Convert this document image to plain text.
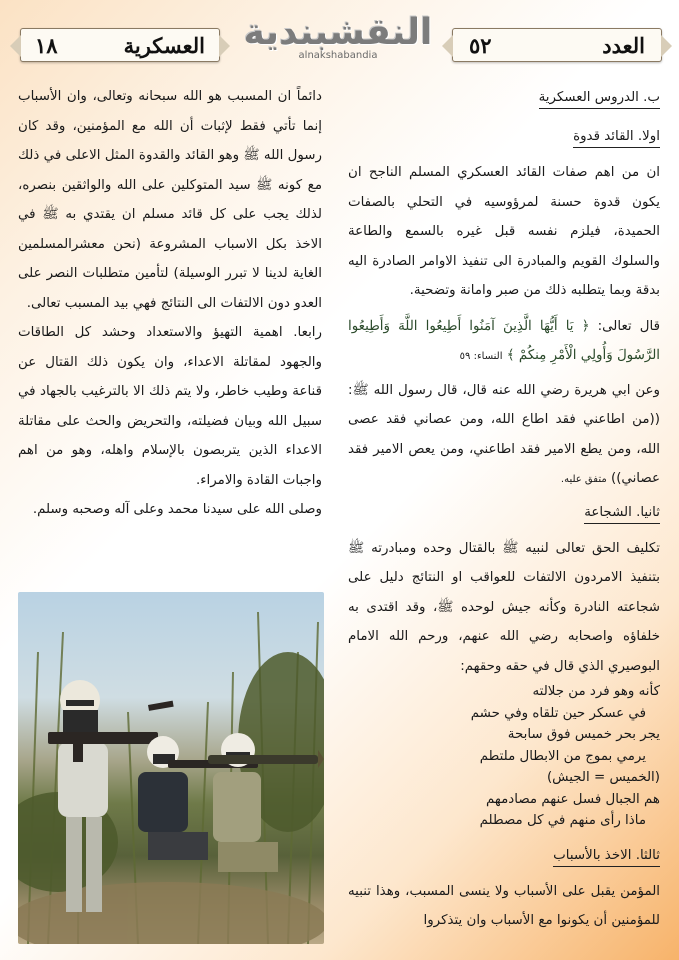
العسكرية
١٨	النقشبندية
alnakshabandia	العدد
٥٢
ب. الدروس العسكرية
اولا. القائد قدوة

ان من اهم صفات القائد العسكري المسلم الناجح ان يكون قدوة حسنة لمرؤوسيه في التحلي بالصفات الحميدة، فيلزم نفسه قبل غيره بالسمع والطاعة والسلوك القويم والمبادرة الى تنفيذ الاوامر الصادرة اليه بدقة وبما يتطلبه ذلك من صبر وامانة وتضحية.

قال تعالى: ﴿ يَا أَيُّهَا الَّذِينَ آمَنُوا أَطِيعُوا اللَّهَ وَأَطِيعُوا الرَّسُولَ وَأُولِي الْأَمْرِ مِنكُمْ ﴾ النساء: ٥٩

وعن ابي هريرة رضي الله عنه قال، قال رسول الله ﷺ: ((من اطاعني فقد اطاع الله، ومن عصاني فقد عصى الله، ومن يطع الامير فقد اطاعني، ومن يعص الامير فقد عصاني)) متفق عليه.

ثانيا. الشجاعة

تكليف الحق تعالى لنبيه ﷺ بالقتال وحده ومبادرته ﷺ بتنفيذ الامردون الالتفات للعواقب او النتائج دليل على شجاعته النادرة وكأنه جيش لوحده ﷺ، وقد اقتدى به خلفاؤه واصحابه رضي الله عنهم، ورحم الله الامام البوصيري الذي قال في حقه وحقهم:

كأنه وهو فرد من جلالته
في عسكر حين تلقاه وفي حشم
يجر بحر خميس فوق سابحة
يرمي بموج من الابطال ملتطم
(الخميس = الجيش)
هم الجبال فسل عنهم مصادمهم
ماذا رأى منهم في كل مصطلم
ثالثا. الاخذ بالأسباب

المؤمن يقبل على الأسباب ولا ينسى المسبب، وهذا تنبيه للمؤمنين أن يكونوا مع الأسباب وان يتذكروا

دائماً ان المسبب هو الله سبحانه وتعالى، وان الأسباب إنما تأتي فقط لإثبات أن الله مع المؤمنين، وقد كان رسول الله ﷺ وهو القائد والقدوة المثل الاعلى في ذلك مع كونه ﷺ سيد المتوكلين على الله والواثقين بنصره، لذلك يجب على كل قائد مسلم ان يقتدي به ﷺ في الاخذ بكل الاسباب المشروعة (نحن معشرالمسلمين الغاية لدينا لا تبرر الوسيلة) لتأمين متطلبات النصر على العدو دون الالتفات الى النتائج فهي بيد المسبب تعالى.

رابعا. اهمية التهيؤ والاستعداد وحشد كل الطاقات والجهود لمقاتلة الاعداء، وان يكون ذلك القتال عن قناعة وطيب خاطر، ولا يتم ذلك الا بالترغيب بالجهاد في سبيل الله وبيان فضيلته، والتحريض والحث على مقاتلة الاعداء الذين يتربصون بالإسلام واهله، وهو من اهم واجبات القادة والامراء.

وصلى الله على سيدنا محمد وعلى آله وصحبه وسلم.
